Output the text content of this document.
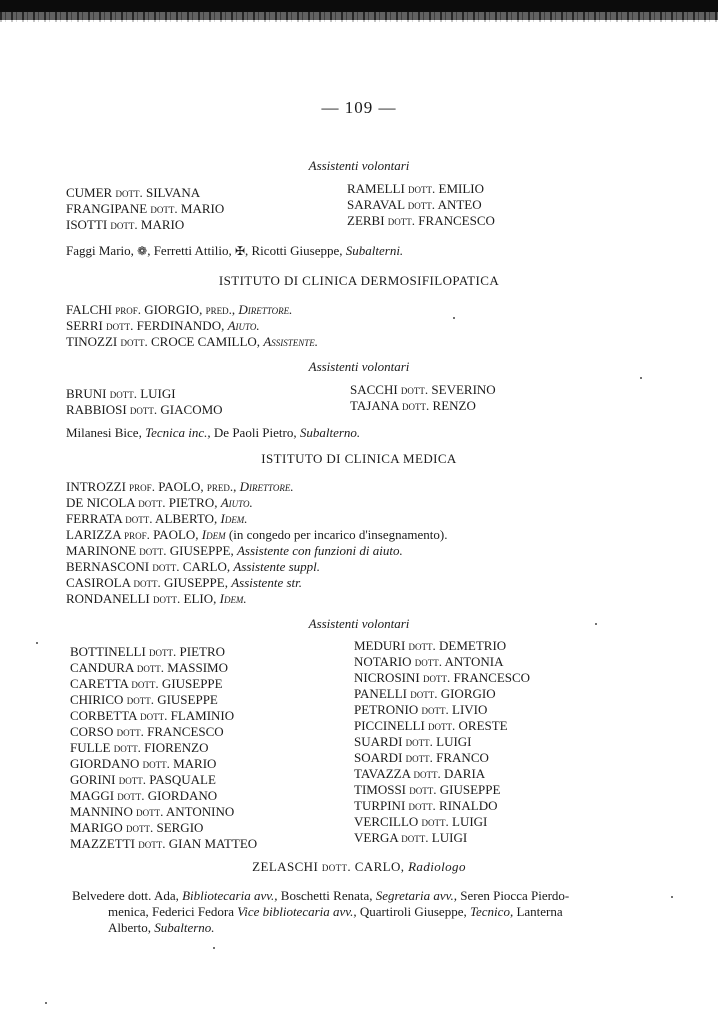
— 109 —
Assistenti volontari
CUMER dott. SILVANA
FRANGIPANE dott. MARIO
ISOTTI dott. MARIO
RAMELLI dott. EMILIO
SARAVAL dott. ANTEO
ZERBI dott. FRANCESCO
Faggi Mario, ❁, Ferretti Attilio, ✠, Ricotti Giuseppe, Subalterni.
ISTITUTO DI CLINICA DERMOSIFILOPATICA
FALCHI prof. GIORGIO, pred., Direttore.
SERRI dott. FERDINANDO, Aiuto.
TINOZZI dott. CROCE CAMILLO, Assistente.
Assistenti volontari
BRUNI dott. LUIGI
RABBIOSI dott. GIACOMO
SACCHI dott. SEVERINO
TAJANA dott. RENZO
Milanesi Bice, Tecnica inc., De Paoli Pietro, Subalterno.
ISTITUTO DI CLINICA MEDICA
INTROZZI prof. PAOLO, pred., Direttore.
DE NICOLA dott. PIETRO, Aiuto.
FERRATA dott. ALBERTO, Idem.
LARIZZA prof. PAOLO, Idem (in congedo per incarico d'insegnamento).
MARINONE dott. GIUSEPPE, Assistente con funzioni di aiuto.
BERNASCONI dott. CARLO, Assistente suppl.
CASIROLA dott. GIUSEPPE, Assistente str.
RONDANELLI dott. ELIO, Idem.
Assistenti volontari
BOTTINELLI dott. PIETRO
CANDURA dott. MASSIMO
CARETTA dott. GIUSEPPE
CHIRICO dott. GIUSEPPE
CORBETTA dott. FLAMINIO
CORSO dott. FRANCESCO
FULLE dott. FIORENZO
GIORDANO dott. MARIO
GORINI dott. PASQUALE
MAGGI dott. GIORDANO
MANNINO dott. ANTONINO
MARIGO dott. SERGIO
MAZZETTI dott. GIAN MATTEO
MEDURI dott. DEMETRIO
NOTARIO dott. ANTONIA
NICROSINI dott. FRANCESCO
PANELLI dott. GIORGIO
PETRONIO dott. LIVIO
PICCINELLI dott. ORESTE
SUARDI dott. LUIGI
SOARDI dott. FRANCO
TAVAZZA dott. DARIA
TIMOSSI dott. GIUSEPPE
TURPINI dott. RINALDO
VERCILLO dott. LUIGI
VERGA dott. LUIGI
ZELASCHI dott. CARLO, Radiologo
Belvedere dott. Ada, Bibliotecaria avv., Boschetti Renata, Segretaria avv., Seren Piocca Pierdo-
menica, Federici Fedora Vice bibliotecaria avv., Quartiroli Giuseppe, Tecnico, Lanterna
Alberto, Subalterno.
